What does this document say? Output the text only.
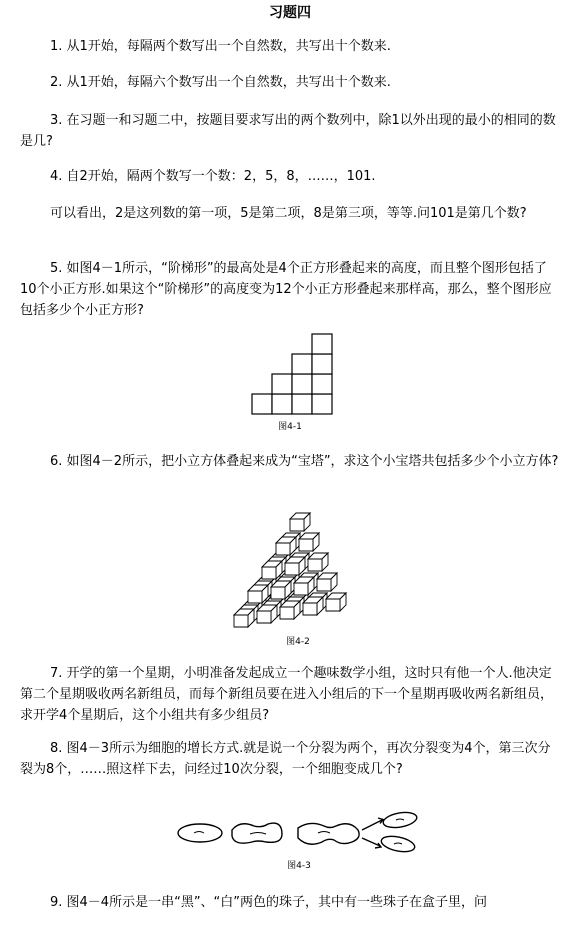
习题四
1. 从1开始，每隔两个数写出一个自然数，共写出十个数来.
2. 从1开始，每隔六个数写出一个自然数，共写出十个数来.
3. 在习题一和习题二中，按题目要求写出的两个数列中，除1以外出现的最小的相同的数是几?
4. 自2开始，隔两个数写一个数：2，5，8，……，101.
可以看出，2是这列数的第一项，5是第二项，8是第三项，等等.问101是第几个数?
5. 如图4－1所示，“阶梯形”的最高处是4个正方形叠起来的高度，而且整个图形包括了10个小正方形.如果这个“阶梯形”的高度变为12个小正方形叠起来那样高，那么，整个图形应包括多少个小正方形?
图4-1
6. 如图4－2所示，把小立方体叠起来成为“宝塔”，求这个小宝塔共包括多少个小立方体?
图4-2
7. 开学的第一个星期，小明准备发起成立一个趣味数学小组，这时只有他一个人.他决定第二个星期吸收两名新组员，而每个新组员要在进入小组后的下一个星期再吸收两名新组员，求开学4个星期后，这个小组共有多少组员?
8. 图4－3所示为细胞的增长方式.就是说一个分裂为两个，再次分裂变为4个，第三次分裂为8个，……照这样下去，问经过10次分裂，一个细胞变成几个?
图4-3
9. 图4－4所示是一串“黑”、“白”两色的珠子，其中有一些珠子在盒子里，问
